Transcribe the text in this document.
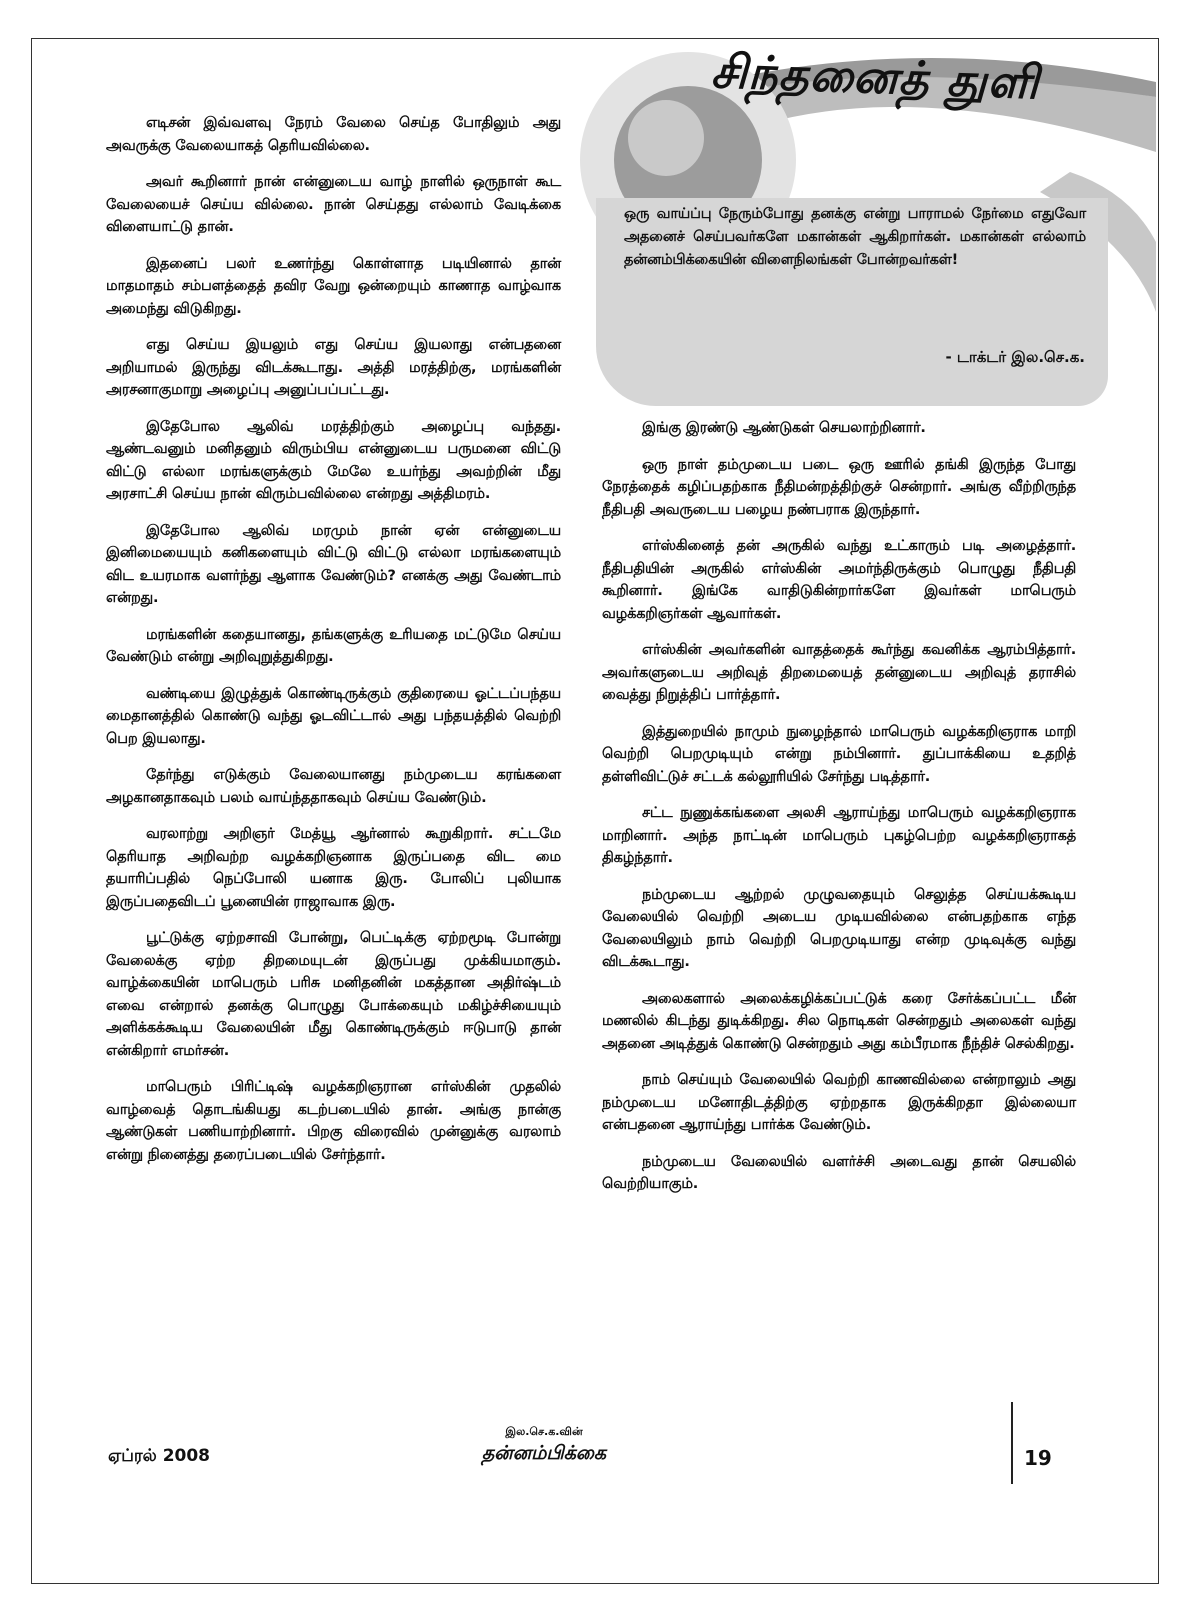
சிந்தனைத் துளி

ஒரு வாய்ப்பு நேரும்போது தனக்கு என்று பாராமல் நேர்மை எதுவோ அதனைச் செய்பவர்களே மகான்கள் ஆகிறார்கள். மகான்கள் எல்லாம் தன்னம்பிக்கையின் விளைநிலங்கள் போன்றவர்கள்!

- டாக்டர் இல.செ.க.

எடிசன் இவ்வளவு நேரம் வேலை செய்த போதிலும் அது அவருக்கு வேலையாகத் தெரியவில்லை.

அவர் கூறினார் நான் என்னுடைய வாழ் நாளில் ஒருநாள் கூட வேலையைச் செய்ய வில்லை. நான் செய்தது எல்லாம் வேடிக்கை விளையாட்டு தான்.

இதனைப் பலர் உணர்ந்து கொள்ளாத படியினால் தான் மாதமாதம் சம்பளத்தைத் தவிர வேறு ஒன்றையும் காணாத வாழ்வாக அமைந்து விடுகிறது.

எது செய்ய இயலும் எது செய்ய இயலாது என்பதனை அறியாமல் இருந்து விடக்கூடாது. அத்தி மரத்திற்கு, மரங்களின் அரசனாகுமாறு அழைப்பு அனுப்பப்பட்டது.

இதேபோல ஆலிவ் மரத்திற்கும் அழைப்பு வந்தது. ஆண்டவனும் மனிதனும் விரும்பிய என்னுடைய பருமனை விட்டு விட்டு எல்லா மரங்களுக்கும் மேலே உயர்ந்து அவற்றின் மீது அரசாட்சி செய்ய நான் விரும்பவில்லை என்றது அத்திமரம்.

இதேபோல ஆலிவ் மரமும் நான் ஏன் என்னுடைய இனிமையையும் கனிகளையும் விட்டு விட்டு எல்லா மரங்களையும் விட உயரமாக வளர்ந்து ஆளாக வேண்டும்? எனக்கு அது வேண்டாம் என்றது.

மரங்களின் கதையானது, தங்களுக்கு உரியதை மட்டுமே செய்ய வேண்டும் என்று அறிவுறுத்துகிறது.

வண்டியை இழுத்துக் கொண்டிருக்கும் குதிரையை ஓட்டப்பந்தய மைதானத்தில் கொண்டு வந்து ஓடவிட்டால் அது பந்தயத்தில் வெற்றி பெற இயலாது.

தேர்ந்து எடுக்கும் வேலையானது நம்முடைய கரங்களை அழகானதாகவும் பலம் வாய்ந்ததாகவும் செய்ய வேண்டும்.

வரலாற்று அறிஞர் மேத்யூ ஆர்னால் கூறுகிறார். சட்டமே தெரியாத அறிவற்ற வழக்கறிஞனாக இருப்பதை விட மை தயாரிப்பதில் நெப்போலி யனாக இரு. போலிப் புலியாக இருப்பதைவிடப் பூனையின் ராஜாவாக இரு.

பூட்டுக்கு ஏற்றசாவி போன்று, பெட்டிக்கு ஏற்றமூடி போன்று வேலைக்கு ஏற்ற திறமையுடன் இருப்பது முக்கியமாகும். வாழ்க்கையின் மாபெரும் பரிசு மனிதனின் மகத்தான அதிர்ஷ்டம் எவை என்றால் தனக்கு பொழுது போக்கையும் மகிழ்ச்சியையும் அளிக்கக்கூடிய வேலையின் மீது கொண்டிருக்கும் ஈடுபாடு தான் என்கிறார் எமர்சன்.

மாபெரும் பிரிட்டிஷ் வழக்கறிஞரான எர்ஸ்கின் முதலில் வாழ்வைத் தொடங்கியது கடற்படையில் தான். அங்கு நான்கு ஆண்டுகள் பணியாற்றினார். பிறகு விரைவில் முன்னுக்கு வரலாம் என்று நினைத்து தரைப்படையில் சேர்ந்தார்.

இங்கு இரண்டு ஆண்டுகள் செயலாற்றினார்.

ஒரு நாள் தம்முடைய படை ஒரு ஊரில் தங்கி இருந்த போது நேரத்தைக் கழிப்பதற்காக நீதிமன்றத்திற்குச் சென்றார். அங்கு வீற்றிருந்த நீதிபதி அவருடைய பழைய நண்பராக இருந்தார்.

எர்ஸ்கினைத் தன் அருகில் வந்து உட்காரும் படி அழைத்தார். நீதிபதியின் அருகில் எர்ஸ்கின் அமர்ந்திருக்கும் பொழுது நீதிபதி கூறினார். இங்கே வாதிடுகின்றார்களே இவர்கள் மாபெரும் வழக்கறிஞர்கள் ஆவார்கள்.

எர்ஸ்கின் அவர்களின் வாதத்தைக் கூர்ந்து கவனிக்க ஆரம்பித்தார். அவர்களுடைய அறிவுத் திறமையைத் தன்னுடைய அறிவுத் தராசில் வைத்து நிறுத்திப் பார்த்தார்.

இத்துறையில் நாமும் நுழைந்தால் மாபெரும் வழக்கறிஞராக மாறி வெற்றி பெறமுடியும் என்று நம்பினார். துப்பாக்கியை உதறித் தள்ளிவிட்டுச் சட்டக் கல்லூரியில் சேர்ந்து படித்தார்.

சட்ட நுணுக்கங்களை அலசி ஆராய்ந்து மாபெரும் வழக்கறிஞராக மாறினார். அந்த நாட்டின் மாபெரும் புகழ்பெற்ற வழக்கறிஞராகத் திகழ்ந்தார்.

நம்முடைய ஆற்றல் முழுவதையும் செலுத்த செய்யக்கூடிய வேலையில் வெற்றி அடைய முடியவில்லை என்பதற்காக எந்த வேலையிலும் நாம் வெற்றி பெறமுடியாது என்ற முடிவுக்கு வந்து விடக்கூடாது.

அலைகளால் அலைக்கழிக்கப்பட்டுக் கரை சேர்க்கப்பட்ட மீன் மணலில் கிடந்து துடிக்கிறது. சில நொடிகள் சென்றதும் அலைகள் வந்து அதனை அடித்துக் கொண்டு சென்றதும் அது கம்பீரமாக நீந்திச் செல்கிறது.

நாம் செய்யும் வேலையில் வெற்றி காணவில்லை என்றாலும் அது நம்முடைய மனோதிடத்திற்கு ஏற்றதாக இருக்கிறதா இல்லையா என்பதனை ஆராய்ந்து பார்க்க வேண்டும்.

நம்முடைய வேலையில் வளர்ச்சி அடைவது தான் செயலில் வெற்றியாகும்.

ஏப்ரல் 2008
இல.செ.க.வின்
தன்னம்பிக்கை	19
